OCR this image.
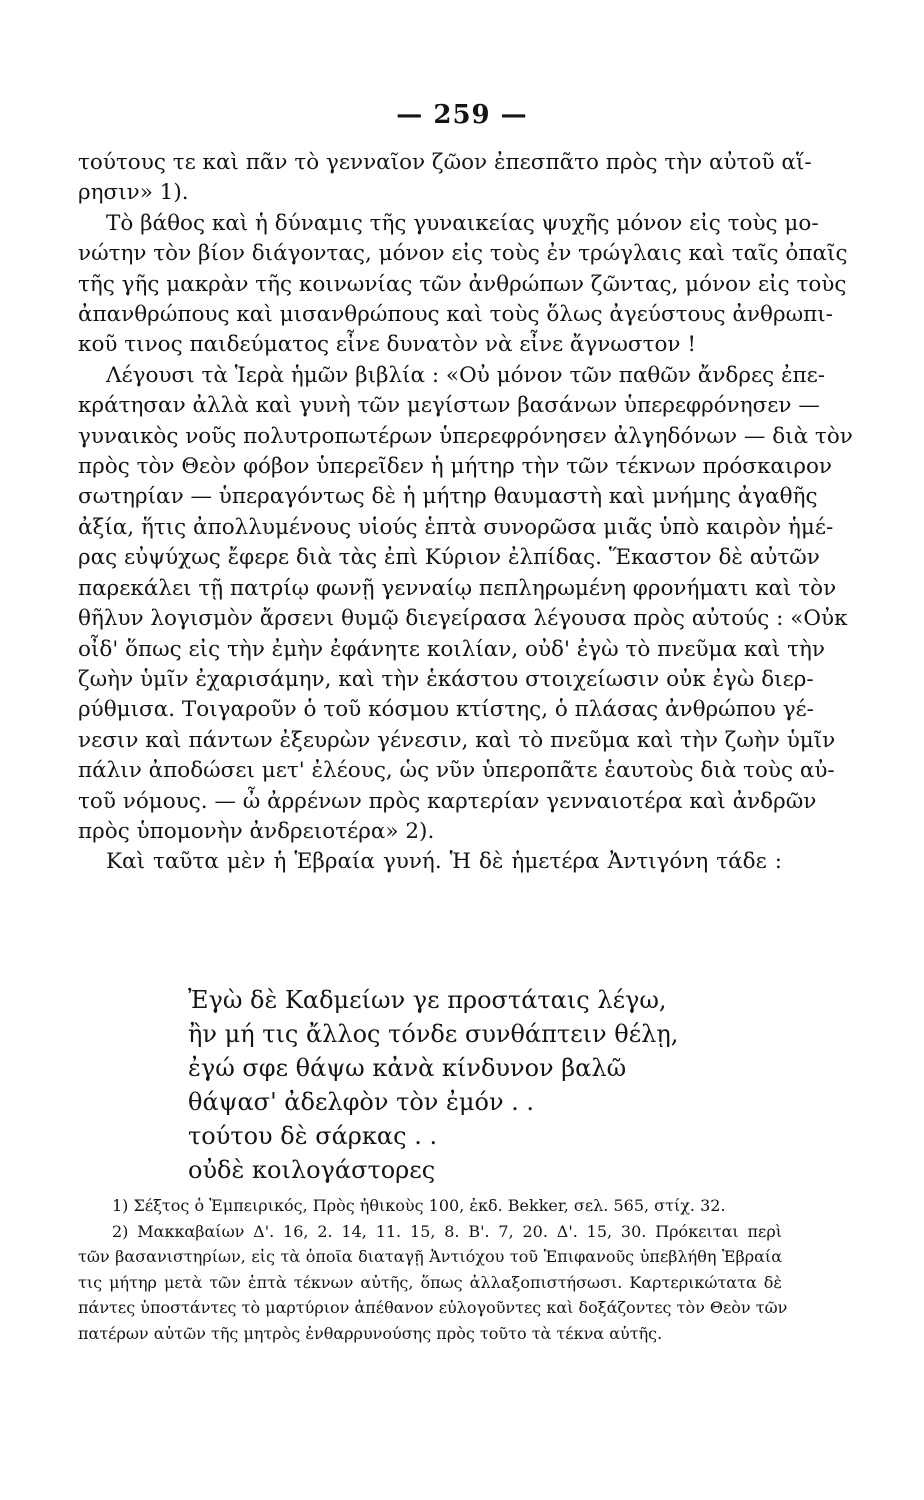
— 259 —
τούτους τε καὶ πᾶν τὸ γενναῖον ζῶον ἐπεσπᾶτο πρὸς τὴν αὐτοῦ αἵ-
ρησιν» 1).
Τὸ βάθος καὶ ἡ δύναμις τῆς γυναικείας ψυχῆς μόνον εἰς τοὺς μο-
νώτην τὸν βίον διάγοντας, μόνον εἰς τοὺς ἐν τρώγλαις καὶ ταῖς ὀπαῖς
τῆς γῆς μακρὰν τῆς κοινωνίας τῶν ἀνθρώπων ζῶντας, μόνον εἰς τοὺς
ἀπανθρώπους καὶ μισανθρώπους καὶ τοὺς ὅλως ἀγεύστους ἀνθρωπι-
κοῦ τινος παιδεύματος εἶνε δυνατὸν νὰ εἶνε ἄγνωστον !
Λέγουσι τὰ Ἱερὰ ἡμῶν βιβλία : «Οὐ μόνον τῶν παθῶν ἄνδρες ἐπε-
κράτησαν ἀλλὰ καὶ γυνὴ τῶν μεγίστων βασάνων ὑπερεφρόνησεν —
γυναικὸς νοῦς πολυτροπωτέρων ὑπερεφρόνησεν ἀλγηδόνων — διὰ τὸν
πρὸς τὸν Θεὸν φόβον ὑπερεῖδεν ἡ μήτηρ τὴν τῶν τέκνων πρόσκαιρον
σωτηρίαν — ὑπεραγόντως δὲ ἡ μήτηρ θαυμαστὴ καὶ μνήμης ἀγαθῆς
ἀξία, ἥτις ἀπολλυμένους υἱούς ἑπτὰ συνορῶσα μιᾶς ὑπὸ καιρὸν ἡμέ-
ρας εὐψύχως ἔφερε διὰ τὰς ἐπὶ Κύριον ἐλπίδας. Ἕκαστον δὲ αὐτῶν
παρεκάλει τῇ πατρίῳ φωνῇ γενναίῳ πεπληρωμένη φρονήματι καὶ τὸν
θῆλυν λογισμὸν ἄρσενι θυμῷ διεγείρασα λέγουσα πρὸς αὐτούς : «Οὐκ
οἶδ' ὅπως εἰς τὴν ἐμὴν ἐφάνητε κοιλίαν, οὐδ' ἐγὼ τὸ πνεῦμα καὶ τὴν
ζωὴν ὑμῖν ἐχαρισάμην, καὶ τὴν ἑκάστου στοιχείωσιν οὐκ ἐγὼ διερ-
ρύθμισα. Τοιγαροῦν ὁ τοῦ κόσμου κτίστης, ὁ πλάσας ἀνθρώπου γέ-
νεσιν καὶ πάντων ἐξευρὼν γένεσιν, καὶ τὸ πνεῦμα καὶ τὴν ζωὴν ὑμῖν
πάλιν ἀποδώσει μετ' ἐλέους, ὡς νῦν ὑπεροπᾶτε ἑαυτοὺς διὰ τοὺς αὐ-
τοῦ νόμους. — ὦ ἀρρένων πρὸς καρτερίαν γενναιοτέρα καὶ ἀνδρῶν
πρὸς ὑπομονὴν ἀνδρειοτέρα» 2).
Καὶ ταῦτα μὲν ἡ Ἑβραία γυνή. Ἡ δὲ ἡμετέρα Ἀντιγόνη τάδε :
Ἐγὼ δὲ Καδμείων γε προστάταις λέγω,
ἢν μή τις ἄλλος τόνδε συνθάπτειν θέλῃ,
ἐγώ σφε θάψω κἀνὰ κίνδυνον βαλῶ
θάψασ' ἀδελφὸν τὸν ἐμόν . .
τούτου δὲ σάρκας . .
οὐδὲ κοιλογάστορες
1) Σέξτος ὁ Ἐμπειρικός, Πρὸς ἠθικοὺς 100, ἐκδ. Bekker, σελ. 565, στίχ. 32.
2) Μακκαβαίων Δ'. 16, 2. 14, 11. 15, 8. Β'. 7, 20. Δ'. 15, 30. Πρόκειται περὶ
τῶν βασανιστηρίων, εἰς τὰ ὁποῖα διαταγῇ Ἀντιόχου τοῦ Ἐπιφανοῦς ὑπεβλήθη Ἑβραία
τις μήτηρ μετὰ τῶν ἑπτὰ τέκνων αὐτῆς, ὅπως ἀλλαξοπιστήσωσι. Καρτερικώτατα δὲ
πάντες ὑποστάντες τὸ μαρτύριον ἀπέθανον εὐλογοῦντες καὶ δοξάζοντες τὸν Θεὸν τῶν
πατέρων αὐτῶν τῆς μητρὸς ἐνθαρρυνούσης πρὸς τοῦτο τὰ τέκνα αὐτῆς.
